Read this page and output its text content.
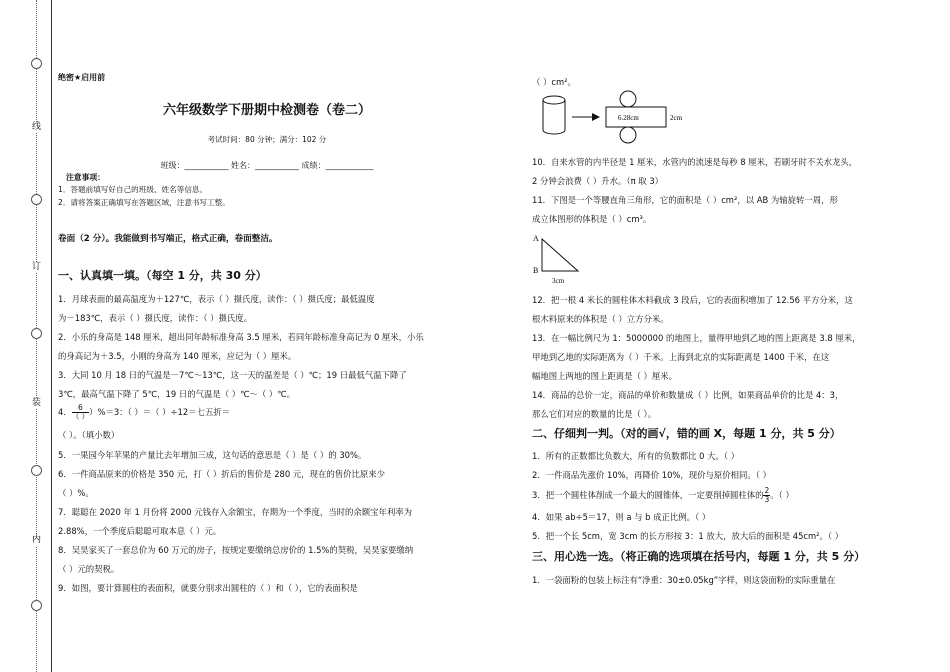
线
订
装
内
绝密★启用前
六年级数学下册期中检测卷（卷二）
考试时间：80 分钟；满分：102 分
班级：___________ 姓名：___________ 成绩：____________
注意事项：
1．答题前填写好自己的班级、姓名等信息。
2．请将答案正确填写在答题区域，注意书写工整。
卷面（2 分）。我能做到书写端正，格式正确，卷面整洁。
一、认真填一填。（每空 1 分，共 30 分）
1．月球表面的最高温度为＋127℃，表示（ ）摄氏度，读作：（ ）摄氏度；最低温度
为－183℃，表示（ ）摄氏度，读作：（ ）摄氏度。
2．小乐的身高是 148 厘米，超出同年龄标准身高 3.5 厘米，若同年龄标准身高记为 0 厘米，小乐
的身高记为＋3.5，小刚的身高为 140 厘米，应记为（ ）厘米。
3．大同 10 月 18 日的气温是－7℃～13℃，这一天的温差是（ ）℃；19 日最低气温下降了
3℃，最高气温下降了 5℃，19 日的气温是（ ）℃～（ ）℃。
4． $\frac{6}{( )})\%=3$：（ ）＝（ ）÷12＝七五折＝
（ ）。（填小数）
5．一果园今年苹果的产量比去年增加三成，这句话的意思是（ ）是（ ）的 30%。
6．一件商品原来的价格是 350 元，打（ ）折后的售价是 280 元，现在的售价比原来少
（ ）%。
7．聪聪在 2020 年 1 月份将 2000 元钱存入余额宝，存期为一个季度，当时的余额宝年利率为
2.88%，一个季度后聪聪可取本息（ ）元。
8．吴昊家买了一套总价为 60 万元的房子，按规定要缴纳总房价的 1.5%的契税，吴昊家要缴纳
（ ）元的契税。
9．如图，要计算圆柱的表面积，就要分别求出圆柱的（ ）和（ ），它的表面积是
（ ）cm²。
6.28cm	2cm
10．自来水管的内半径是 1 厘米，水管内的流速是每秒 8 厘米，若刷牙时不关水龙头，
2 分钟会浪费（ ）升水。（π 取 3）
11．下图是一个等腰直角三角形，它的面积是（ ）cm²，以 AB 为轴旋转一周，形
成立体图形的体积是（ ）cm³。
A
B
3cm
12．把一根 4 米长的圆柱体木料截成 3 段后，它的表面积增加了 12.56 平方分米，这
根木料原来的体积是（ ）立方分米。
13．在一幅比例尺为 1：5000000 的地图上，量得甲地到乙地的图上距离是 3.8 厘米，
甲地到乙地的实际距离为（ ）千米。上海到北京的实际距离是 1400 千米，在这
幅地图上两地的图上距离是（ ）厘米。
14．商品的总价一定，商品的单价和数量成（ ）比例，如果商品单价的比是 4：3，
那么它们对应的数量的比是（ ）。
二、仔细判一判。（对的画√，错的画 X，每题 1 分，共 5 分）
1．所有的正数都比负数大，所有的负数都比 0 大。（ ）
2．一件商品先涨价 10%，再降价 10%，现价与原价相同。（ ）
3．把一个圆柱体削成一个最大的圆锥体，一定要削掉圆柱体的 $\frac{2}{3}$。（ ）
4．如果 ab÷5＝17，则 a 与 b 成正比例。（ ）
5．把一个长 5cm，宽 3cm 的长方形按 3：1 放大，放大后的面积是 45cm²。（ ）
三、用心选一选。（将正确的选项填在括号内，每题 1 分，共 5 分）
1．一袋面粉的包装上标注有“净重：30±0.05kg”字样，则这袋面粉的实际重量在
